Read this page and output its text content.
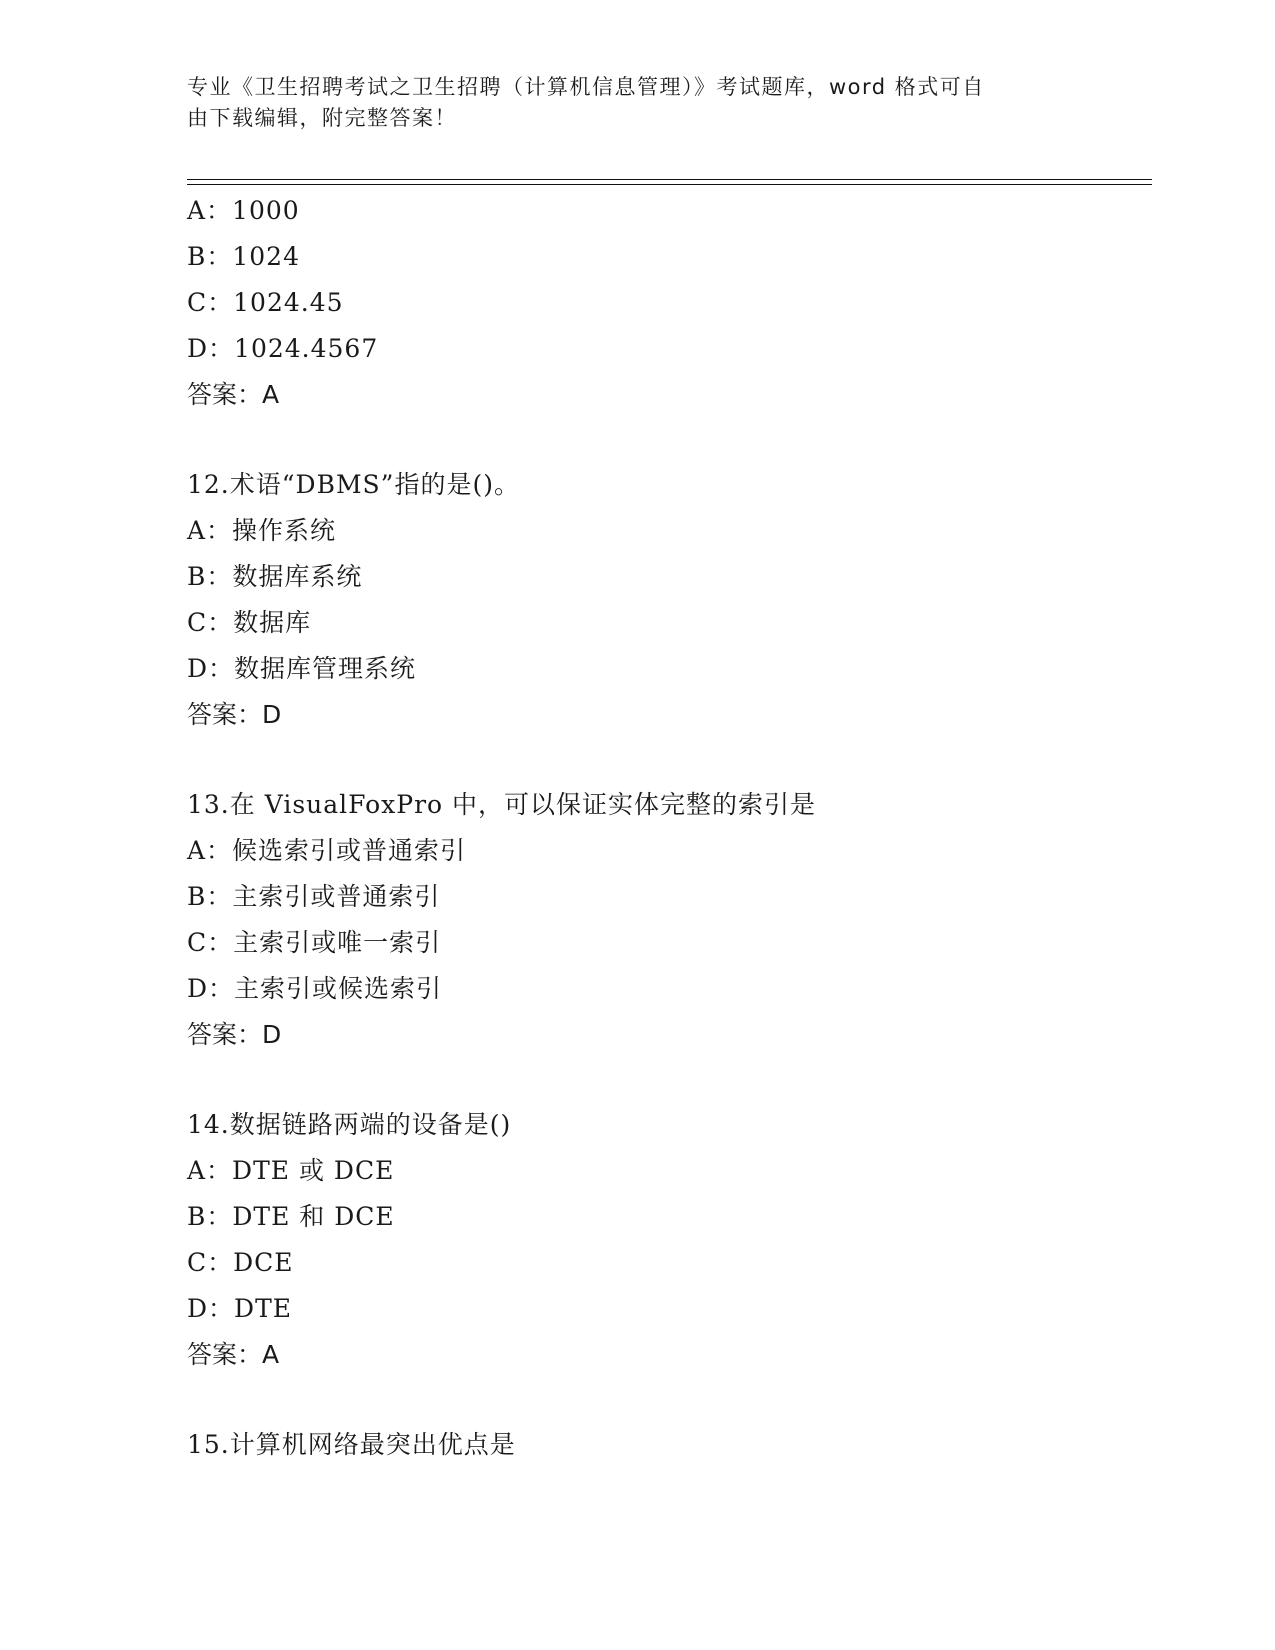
专业《卫生招聘考试之卫生招聘（计算机信息管理）》考试题库，word 格式可自
由下载编辑，附完整答案！
A：1000
B：1024
C：1024.45
D：1024.4567
答案：A
12.术语“DBMS”指的是()。
A：操作系统
B：数据库系统
C：数据库
D：数据库管理系统
答案：D
13.在 VisualFoxPro 中，可以保证实体完整的索引是
A：候选索引或普通索引
B：主索引或普通索引
C：主索引或唯一索引
D：主索引或候选索引
答案：D
14.数据链路两端的设备是()
A：DTE 或 DCE
B：DTE 和 DCE
C：DCE
D：DTE
答案：A
15.计算机网络最突出优点是
